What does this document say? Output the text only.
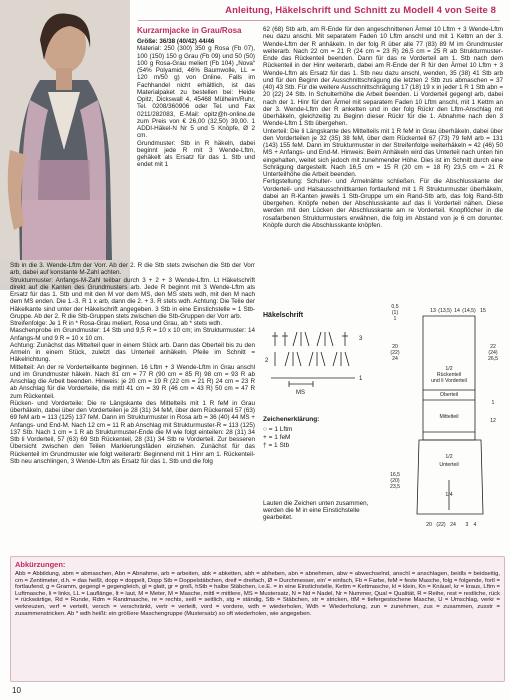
Anleitung, Häkelschrift und Schnitt zu Modell 4 von Seite 8

Kurzarmjacke in Grau/Rosa

Größe: 36/38 (40/42) 44/46

Material: 250 (300) 350 g Rosa (Fb 07), 100 (150) 150 g Grau (Fb 09) und 50 (50) 100 g Rosa-Grau meliert (Fb 104) „Nova“ (54% Polyamid, 46% Baumwolle, LL = 120 m/50 g) von Online. Falls im Fachhandel nicht erhältlich, ist das Materialpaket zu bestellen bei: Heide Opitz, Dickswall 4, 45468 Mülheim/Ruhr, Tel. 0208/360906 oder Tel. und Fax 0211/282083, E-Mail: opitz@h-online.de zum Preis von € 26,00 (32,50) 39,00. 1 ADDI-Häkel-N Nr 5 und 5 Knöpfe, Ø 2 cm.

Grundmuster: Stb in R häkeln, dabei beginnt jede R mit 3 Wende-Lftm, gehäkelt als Ersatz für das 1. Stb und endet mit 1

Stb in die 3. Wende-Lftm der Vorr. Ab der 2. R die Stb stets zwischen die Stb der Vorr arb, dabei auf konstante M-Zahl achten.

Strukturmuster: Anfangs-M-Zahl teilbar durch 3 + 2 + 3 Wende-Lftm. Lt Häkelschrift direkt auf die Kanten des Grundmusters arb. Jede R beginnt mit 3 Wende-Lftm als Ersatz für das 1. Stb und mit den M vor dem MS, den MS stets wdh, mit den M nach dem MS enden. Die 1.-3. R 1 x arb, dann die 2. + 3. R stets wdh. Achtung: Die Teile der Häkelkante sind unter der Häkelschrift angegeben. 3 Stb in eine Einstichstelle = 1 Stb-Gruppe. Ab der 2. R die Stb-Gruppen stets zwischen die Stb-Gruppen der Vorr arb.

Streifenfolge: Je 1 R in * Rosa-Grau meliert, Rosa und Grau, ab * stets wdh.

Maschenprobe im Grundmuster: 14 Stb und 9,5 R = 10 x 10 cm; im Strukturmuster: 14 Anfangs-M und 9 R = 10 x 10 cm.

Achtung: Zunächst das Mittelteil quer in einem Stück arb. Dann das Oberteil bis zu den Armeln in einem Stück, zuletzt das Unterteil anhäkeln. Pfeile im Schnitt = Häkelrichtung.

Mittelteil: An der re Vorderteilkante beginnen. 16 Lftm + 3 Wende-Lftm in Grau anschl und im Grundmuster häkeln. Nach 81 cm = 77 R (90 cm = 85 R) 98 cm = 93 R ab Anschlag die Arbeit beenden. Hinweis: je 20 cm = 19 R (22 cm = 21 R) 24 cm = 23 R ab Anschlag für die Vorderteile, die mittl 41 cm = 39 R (46 cm = 43 R) 50 cm = 47 R zum Rückenteil.

Rücken- und Vorderteile: Die re Längskante des Mittelteils mit 1 R feM in Grau überhäkeln, dabei über den Vorderteilen je 28 (31) 34 feM, über dem Rückenteil 57 (63) 69 feM arb = 113 (125) 137 feM. Dann im Strukturmuster in Rosa arb = 36 (40) 44 MS + Anfangs- und End-M. Nach 12 cm = 11 R ab Anschlag mit Strukturmuster-R = 113 (125) 137 Stb. Nach 1 cm = 1 R ab Strukturmuster-Ende die M wie folgt einteilen: 28 (31) 34 Stb li Vorderteil, 57 (63) 69 Stb Rückenteil, 28 (31) 34 Stb re Vorderteil. Zur besseren Übersicht zwischen den Teilen Markierungsfäden einziehen. Zunächst für das Rückenteil im Grundmuster wie folgt weiterarb: Beginnend mit 1 Hinr am 1. Rückenteil-Stb neu anschlingen, 3 Wende-Lftm als Ersatz für das 1. Stb und die folg

62 (68) Stb arb, am R-Ende für den angeschnittenen Ärmel 10 Lftm + 3 Wende-Lftm neu dazu anschl. Mit separatem Faden 10 Lftm anschl und mit 1 Kettm an der 3. Wende-Lftm der R anhäkeln. In der folg R über alle 77 (83) 89 M im Grundmuster weiterarb. Nach 22 cm = 21 R (24 cm = 23 R) 26,5 cm = 25 R ab Strukturmuster-Ende das Rückenteil beenden. Dann für das re Vorderteil am 1. Stb nach dem Rückenteil in der Hinr weiterarb, dabei am R-Ende der R für den Ärmel 10 Lftm + 3 Wende-Lftm als Ersatz für das 1. Stb neu dazu anschl, wenden, 35 (38) 41 Stb arb und für den Beginn der Ausschnittschrägung die letzten 2 Stb zus abmaschen = 37 (40) 43 Stb. Für die weitere Ausschnittschrägung 17 (18) 19 x in jeder 1 R 1 Stb abn = 20 (22) 24 Stb. In Schulterhöhe die Arbeit beenden. Li Vorderteil gegengl arb, dabei nach der 1. Hinr für den Ärmel mit separatem Faden 10 Lftm anschl, mit 1 Kettm an der 3. Wende-Lftm der R anketten und in der folg Rückr den Lftm-Anschlag mit überhäkeln, gleichzeitig zu Beginn dieser Rückr für die 1. Abnahme nach den 3 Wende-Lftm 1 Stb übergehen.

Unterteil: Die li Längskante des Mittelteils mit 1 R feM in Grau überhäkeln, dabei über den Vorderteilen je 32 (35) 38 feM, über dem Rückenteil 67 (73) 79 feM arb = 131 (143) 155 feM. Dann im Strukturmuster in der Streifenfolge weiterhäkeln = 42 (46) 50 MS + Anfangs- und End-M. Hinweis: Beim Anhäkeln wird das Unterteil nach unten hin eingehalten, weitet sich jedoch mit zunehmender Höhe. Dies ist im Schnitt durch eine Schrägung dargestellt. Nach 16,5 cm = 15 R (20 cm = 18 R) 23,5 cm = 21 R Unterteilhöhe die Arbeit beenden.

Fertigstellung: Schulter- und Ärmelnähte schließen. Für die Abschlusskante der Vorderteil- und Halsausschnittkanten fortlaufend mit 1 R Strukturmuster überhäkeln, dabei an R-Kanten jeweils 1 Stb-Gruppe um ein Rand-Stb arb, das folg Rand-Stb übergehen. Knöpfe neben der Abschlusskante auf das li Vorderteil nähen. Diese werden mit den Lücken der Abschlusskante am re Vorderteil. Knopflöcher in die rosafarbenen Strukturmusters erwähnen, die folg im Abstand von je 6 cm dorunter. Knöpfe durch die Abschlusskante knöpfen.

Häkelschrift
3
2
1
MS
Zeichenerklärung:
○ = 1 Lftm
+ = 1 feM
† = 1 Stb
Lauten die Zeichen unten zusammen, werden die M in eine Einstichstelle gearbeitet.
0,5
(1)
1
13 (13,5) 14 (14,5) 15
20
(22)
24
22
(24)
26,5
1/2
Rückenteil
und li Vorderteil
Oberteil
Mittelteil
1/2
Unterteil
1
12
16,5
(20)
23,5
1/4
20 (22) 24 3 4
Abkürzungen:
Abb = Abbildung, abm = abmaschen, Abn = Abnahme, arb = arbeiten, abk = abketten, abh = abheben, abn = abnehmen, abw = abwechselnd, anschl = anschlagen, beidls = beidseitig, cm = Zentimeter, d.h. = das heißt, dopp = doppelt, Dopp Stb = Doppelstäbchen, dreif = dreifach, Ø = Durchmesser, ein' = einfach, Fb = Farbe, feM = feste Masche, folg = folgende, fortl = fortlaufend, g = Gramm, gegengl = gegengleich, gl = glatt, gr = groß, hStb = halbe Stäbchen, i.e.E. = in eine Einstichstelle, Kettm = Kettmasche, kl = klein, Kn = Knäuel, kr = kraus, Lftm = Luftmasche, li = links, LL = Lauflänge, lt = laut, M = Meter, M = Masche, mittl = mittlere, MS = Mustersatz, N = Nd = Nadel, Nr = Nummer, Qual = Qualität, R = Reihe, rest = restliche, rück = rückwärtige, Rd = Runde, Rdm = Randmasche, re = rechts, seitl = seitlich, stg = ständig, Stb = Stäbchen, str = stricken, ttM = tiefergestochene Masche, U = Umschlag, verkr = verkreuzen, verf = verteilt, versch = verschränkt, vertr = verteilt, vord = vordere, wdh = wiederholen, Wdh = Wiederholung, zun = zunehmen, zus = zusammen, zusstr = zusammenstricken. Ab * wdh heißt: ein größere Maschengruppe (Mustersatz) so oft wiederholen, wie angegeben.
10
